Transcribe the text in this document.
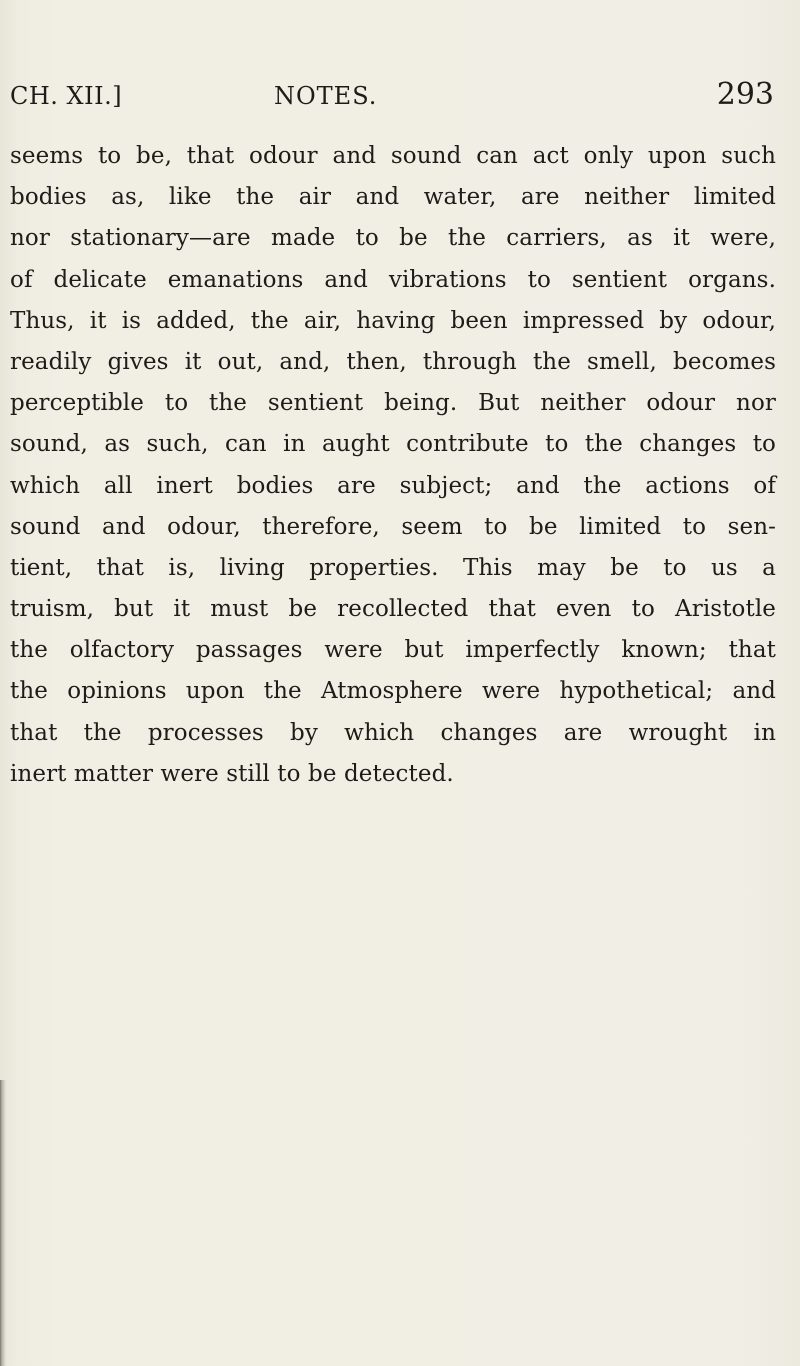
CH. XII.]	NOTES.	293
seems to be, that odour and sound can act only upon such
bodies as, like the air and water, are neither limited
nor stationary—are made to be the carriers, as it were,
of delicate emanations and vibrations to sentient organs.
Thus, it is added, the air, having been impressed by odour,
readily gives it out, and, then, through the smell, becomes
perceptible to the sentient being. But neither odour nor
sound, as such, can in aught contribute to the changes to
which all inert bodies are subject; and the actions of
sound and odour, therefore, seem to be limited to sen-
tient, that is, living properties. This may be to us a
truism, but it must be recollected that even to Aristotle
the olfactory passages were but imperfectly known; that
the opinions upon the Atmosphere were hypothetical; and
that the processes by which changes are wrought in
inert matter were still to be detected.
